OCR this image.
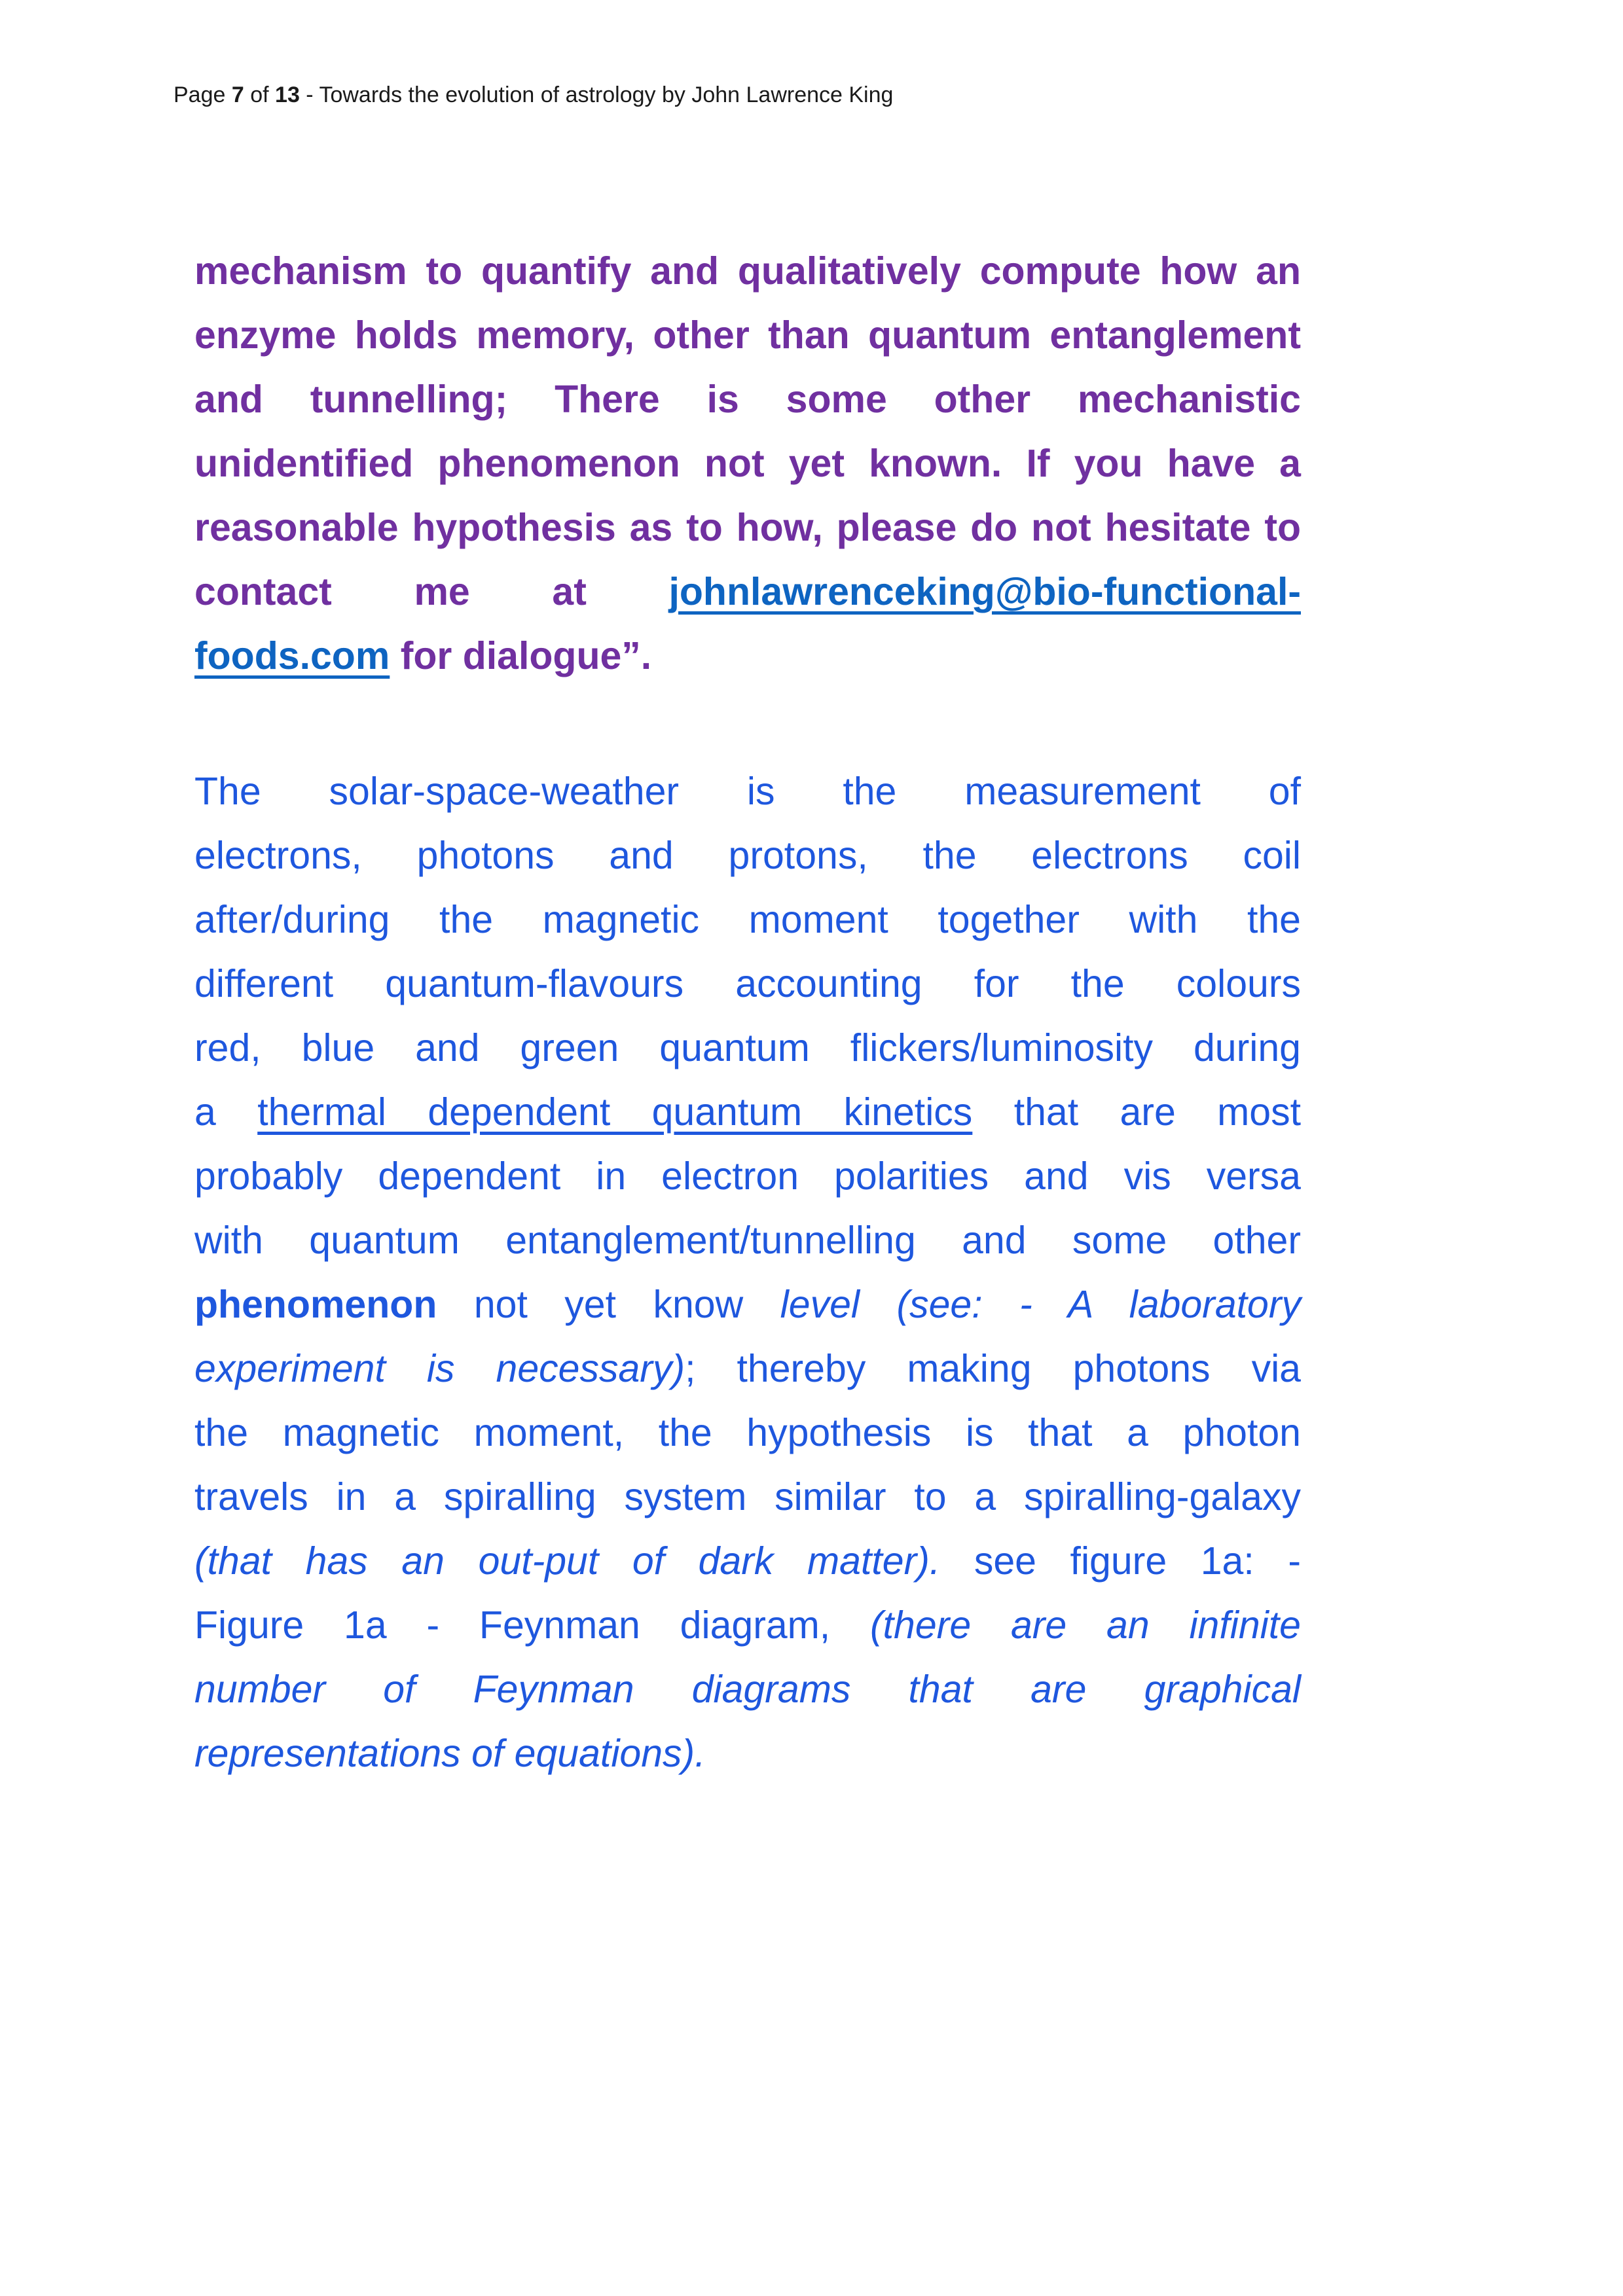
Page 7 of 13 - Towards the evolution of astrology by John Lawrence King
mechanism to quantify and qualitatively compute how an
enzyme holds memory, other than quantum entanglement
and tunnelling; There is some other mechanistic
unidentified phenomenon not yet known. If you have a
reasonable hypothesis as to how, please do not hesitate to
contact me at johnlawrenceking@bio-functional-
foods.com for dialogue”.
The solar-space-weather is the measurement of
electrons, photons and protons, the electrons coil
after/during the magnetic moment together with the
different quantum-flavours accounting for the colours
red, blue and green quantum flickers/luminosity during
a thermal dependent quantum kinetics that are most
probably dependent in electron polarities and vis versa
with quantum entanglement/tunnelling and some other
phenomenon not yet know level (see: - A laboratory
experiment is necessary); thereby making photons via
the magnetic moment, the hypothesis is that a photon
travels in a spiralling system similar to a spiralling-galaxy
(that has an out-put of dark matter). see figure 1a: -
Figure 1a - Feynman diagram, (there are an infinite
number of Feynman diagrams that are graphical
representations of equations).
